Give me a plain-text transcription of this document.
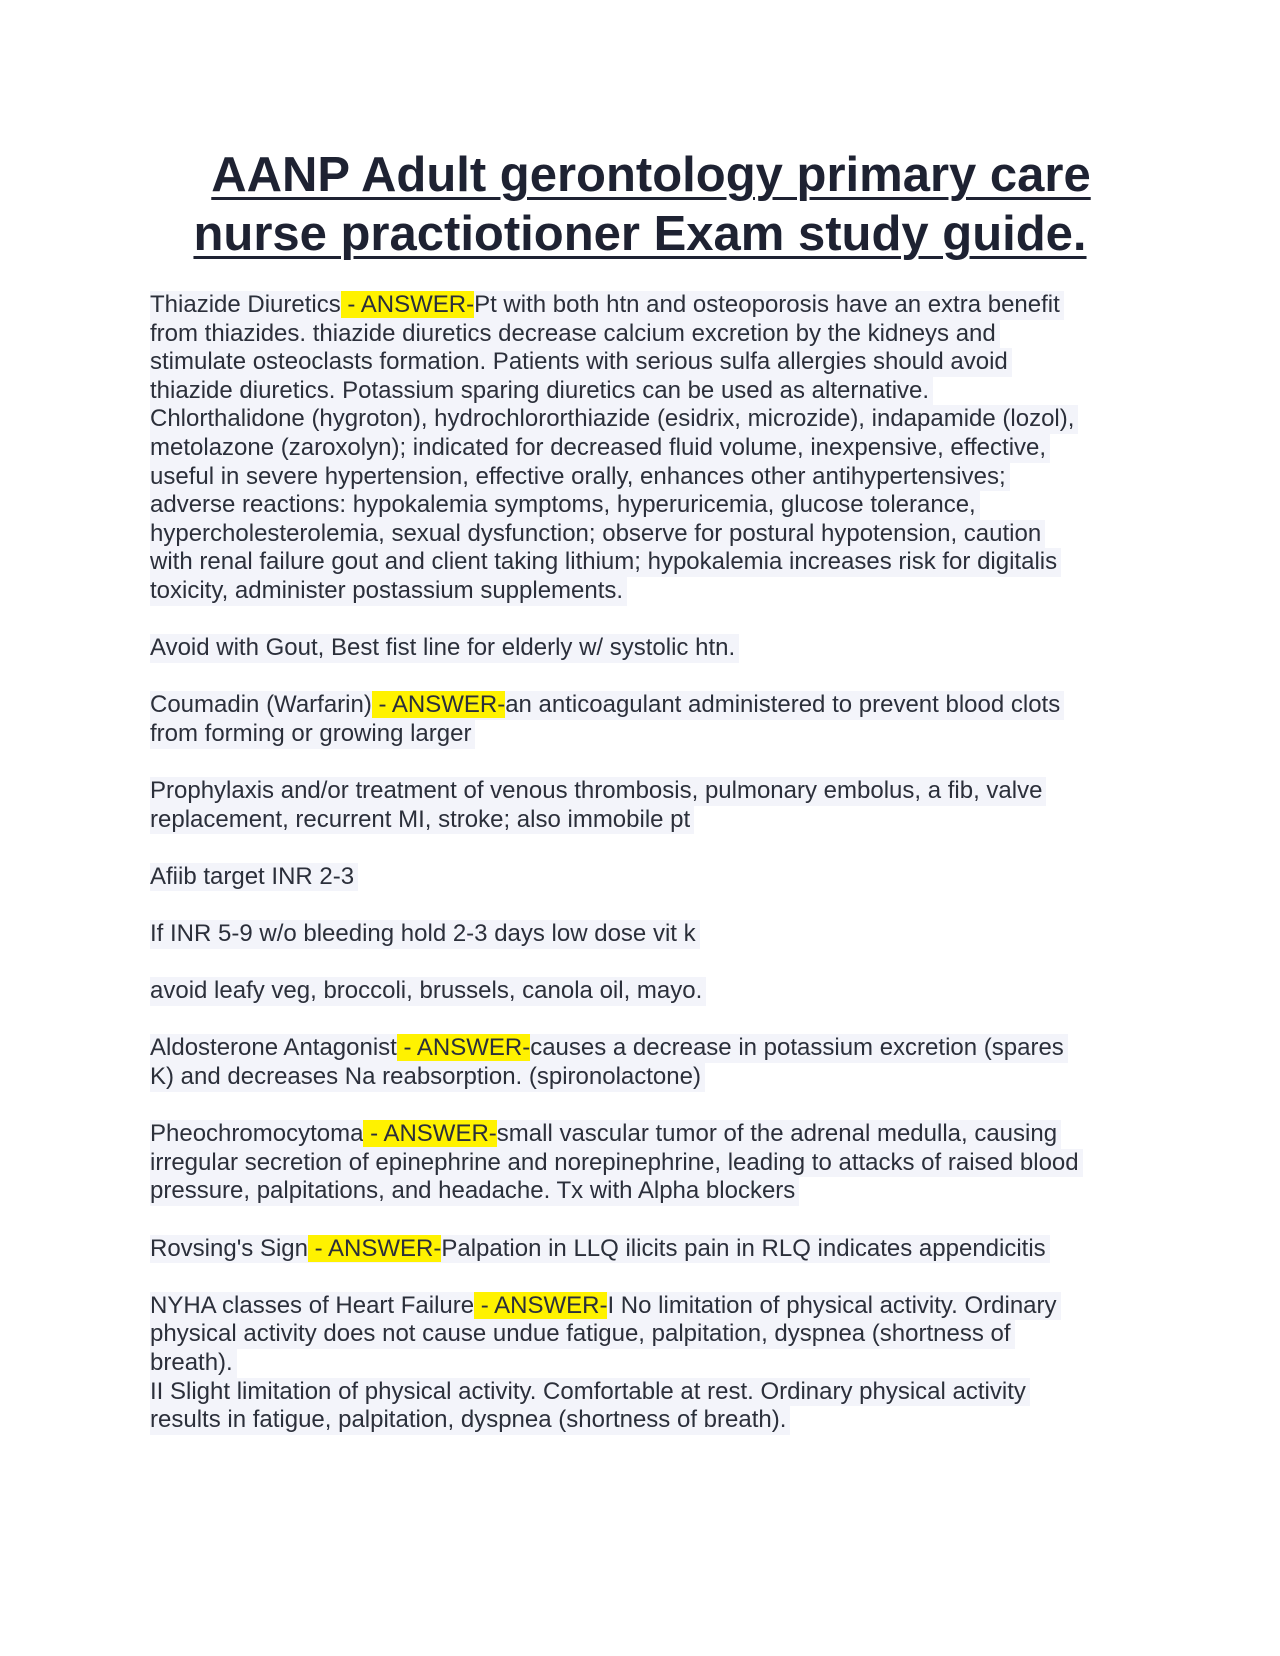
AANP Adult gerontology primary care
nurse practiotioner Exam study guide.
Thiazide Diuretics - ANSWER-Pt with both htn and osteoporosis have an extra benefit
from thiazides. thiazide diuretics decrease calcium excretion by the kidneys and
stimulate osteoclasts formation. Patients with serious sulfa allergies should avoid
thiazide diuretics. Potassium sparing diuretics can be used as alternative.
Chlorthalidone (hygroton), hydrochlororthiazide (esidrix, microzide), indapamide (lozol),
metolazone (zaroxolyn); indicated for decreased fluid volume, inexpensive, effective,
useful in severe hypertension, effective orally, enhances other antihypertensives;
adverse reactions: hypokalemia symptoms, hyperuricemia, glucose tolerance,
hypercholesterolemia, sexual dysfunction; observe for postural hypotension, caution
with renal failure gout and client taking lithium; hypokalemia increases risk for digitalis
toxicity, administer postassium supplements.

Avoid with Gout, Best fist line for elderly w/ systolic htn.

Coumadin (Warfarin) - ANSWER-an anticoagulant administered to prevent blood clots
from forming or growing larger

Prophylaxis and/or treatment of venous thrombosis, pulmonary embolus, a fib, valve
replacement, recurrent MI, stroke; also immobile pt

Afiib target INR 2-3

If INR 5-9 w/o bleeding hold 2-3 days low dose vit k

avoid leafy veg, broccoli, brussels, canola oil, mayo.

Aldosterone Antagonist - ANSWER-causes a decrease in potassium excretion (spares
K) and decreases Na reabsorption. (spironolactone)

Pheochromocytoma - ANSWER-small vascular tumor of the adrenal medulla, causing
irregular secretion of epinephrine and norepinephrine, leading to attacks of raised blood
pressure, palpitations, and headache. Tx with Alpha blockers

Rovsing's Sign - ANSWER-Palpation in LLQ ilicits pain in RLQ indicates appendicitis

NYHA classes of Heart Failure - ANSWER-I No limitation of physical activity. Ordinary
physical activity does not cause undue fatigue, palpitation, dyspnea (shortness of
breath).
II Slight limitation of physical activity. Comfortable at rest. Ordinary physical activity
results in fatigue, palpitation, dyspnea (shortness of breath).
